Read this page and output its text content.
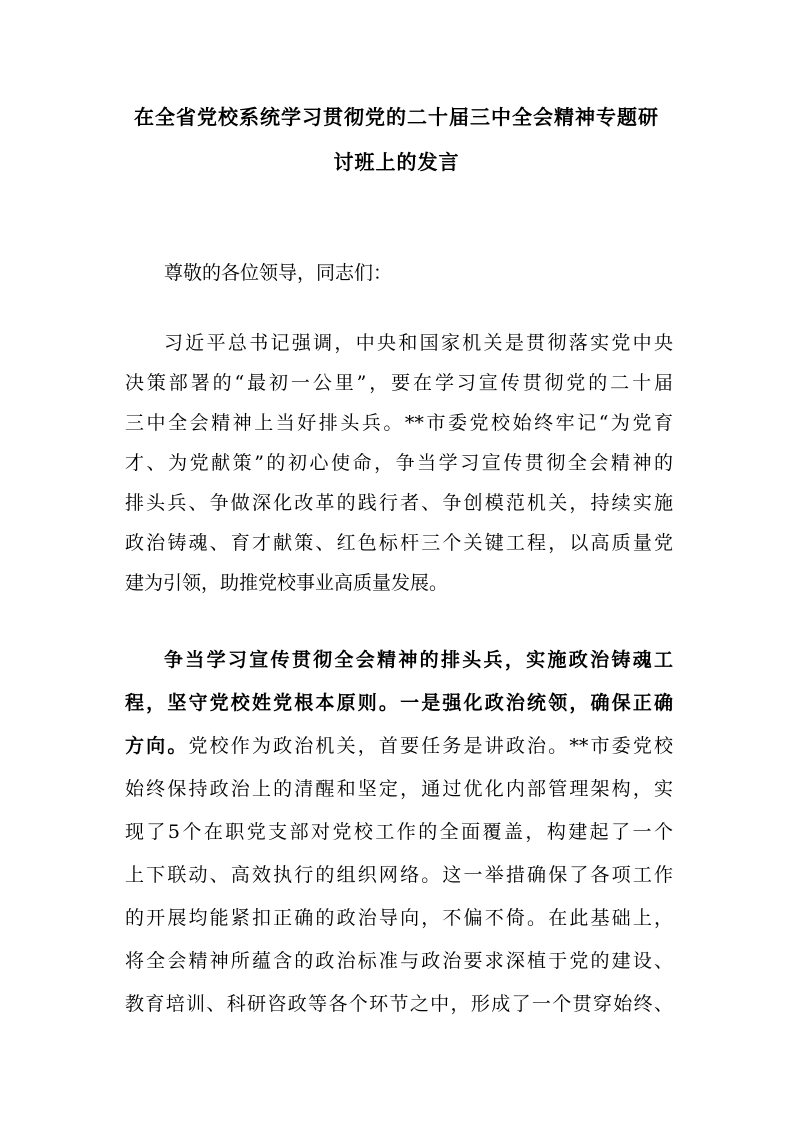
在全省党校系统学习贯彻党的二十届三中全会精神专题研
讨班上的发言
尊敬的各位领导，同志们：
习近平总书记强调，中央和国家机关是贯彻落实党中央
决策部署的“最初一公里”，要在学习宣传贯彻党的二十届
三中全会精神上当好排头兵。**市委党校始终牢记“为党育
才、为党献策”的初心使命，争当学习宣传贯彻全会精神的
排头兵、争做深化改革的践行者、争创模范机关，持续实施
政治铸魂、育才献策、红色标杆三个关键工程，以高质量党
建为引领，助推党校事业高质量发展。
争当学习宣传贯彻全会精神的排头兵，实施政治铸魂工
程，坚守党校姓党根本原则。一是强化政治统领，确保正确
方向。党校作为政治机关，首要任务是讲政治。**市委党校
始终保持政治上的清醒和坚定，通过优化内部管理架构，实
现了5个在职党支部对党校工作的全面覆盖，构建起了一个
上下联动、高效执行的组织网络。这一举措确保了各项工作
的开展均能紧扣正确的政治导向，不偏不倚。在此基础上，
将全会精神所蕴含的政治标准与政治要求深植于党的建设、
教育培训、科研咨政等各个环节之中，形成了一个贯穿始终、
